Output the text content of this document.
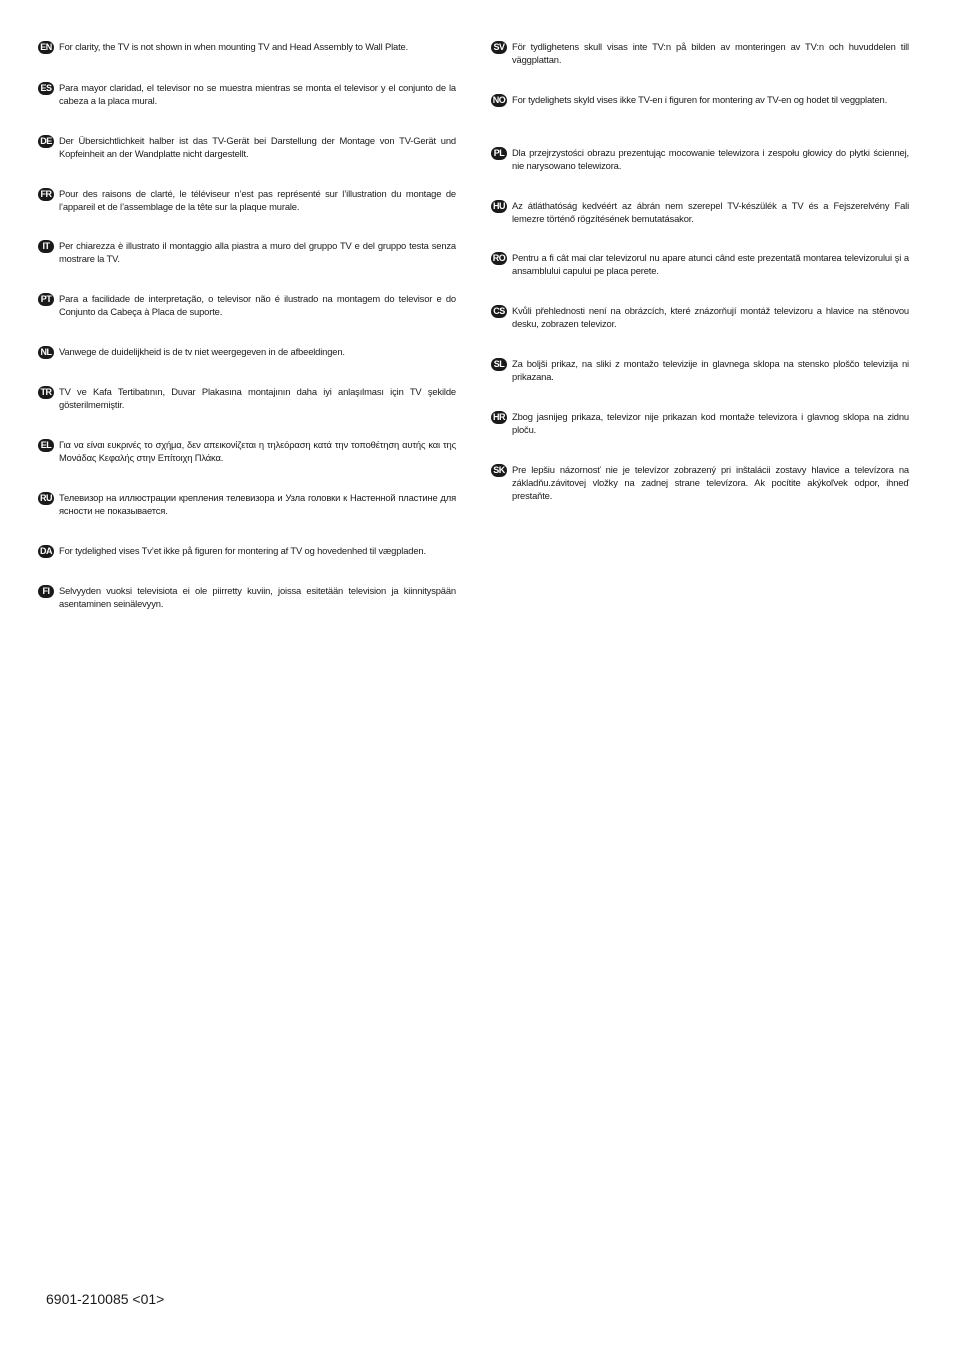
EN For clarity, the TV is not shown in when mounting TV and Head Assembly to Wall Plate.
ES Para mayor claridad, el televisor no se muestra mientras se monta el televisor y el conjunto de la cabeza a la placa mural.
DE Der Übersichtlichkeit halber ist das TV-Gerät bei Darstellung der Montage von TV-Gerät und Kopfeinheit an der Wandplatte nicht dargestellt.
FR Pour des raisons de clarté, le téléviseur n’est pas représenté sur l’illustration du montage de l’appareil et de l’assemblage de la tête sur la plaque murale.
IT	Per chiarezza è illustrato il montaggio alla piastra a muro del gruppo TV e del gruppo testa senza mostrare la TV.
PT Para a facilidade de interpretação, o televisor não é ilustrado na montagem do televisor e do Conjunto da Cabeça à Placa de suporte.
NL Vanwege de duidelijkheid is de tv niet weergegeven in de afbeeldingen.
TR TV ve Kafa Tertibatının, Duvar Plakasına montajının daha iyi anlaşılması için TV şekilde gösterilmemiştir.
EL Για να είναι ευκρινές το σχήμα, δεν απεικονίζεται η τηλεόραση κατά την τοποθέτηση αυτής και της Μονάδας Κεφαλής στην Επίτοιχη Πλάκα.
RU Телевизор на иллюстрации крепления телевизора и Узла головки к Настенной пластине для ясности не показывается.
DA For tydelighed vises Tv’et ikke på figuren for montering af TV og hovedenhed til vægpladen.
FI	Selvyyden vuoksi televisiota ei ole piirretty kuviin, joissa esitetään television ja kiinnityspään asentaminen seinälevyyn.
SV För tydlighetens skull visas inte TV:n på bilden av monteringen av TV:n och huvuddelen till väggplattan.
NO For tydelighets skyld vises ikke TV-en i figuren for montering av TV-en og hodet til veggplaten.
PL Dla przejrzystości obrazu prezentując mocowanie telewizora i zespołu głowicy do płytki ściennej, nie narysowano telewizora.
HU Az átláthatóság kedvéért az ábrán nem szerepel TV-készülék a TV és a Fejszerelvény Fali lemezre történő rögzítésének bemutatásakor.
RO Pentru a fi cât mai clar televizorul nu apare atunci când este prezentată montarea televizorului şi a ansamblului capului pe placa perete.
CS Kvůli přehlednosti není na obrázcích, které znázorňují montáž televizoru a hlavice na stěnovou desku, zobrazen televizor.
SL Za boljši prikaz, na sliki z montažo televizije in glavnega sklopa na stensko ploščo televizija ni prikazana.
HR Zbog jasnijeg prikaza, televizor nije prikazan kod montaže televizora i glavnog sklopa na zidnu ploču.
SK Pre lepšiu názornosť nie je televízor zobrazený pri inštalácii zostavy hlavice a televízora na základňu.závitovej vložky na zadnej strane televízora. Ak pocítite akýkoľvek odpor, ihneď prestaňte.
6901-210085 <01>
